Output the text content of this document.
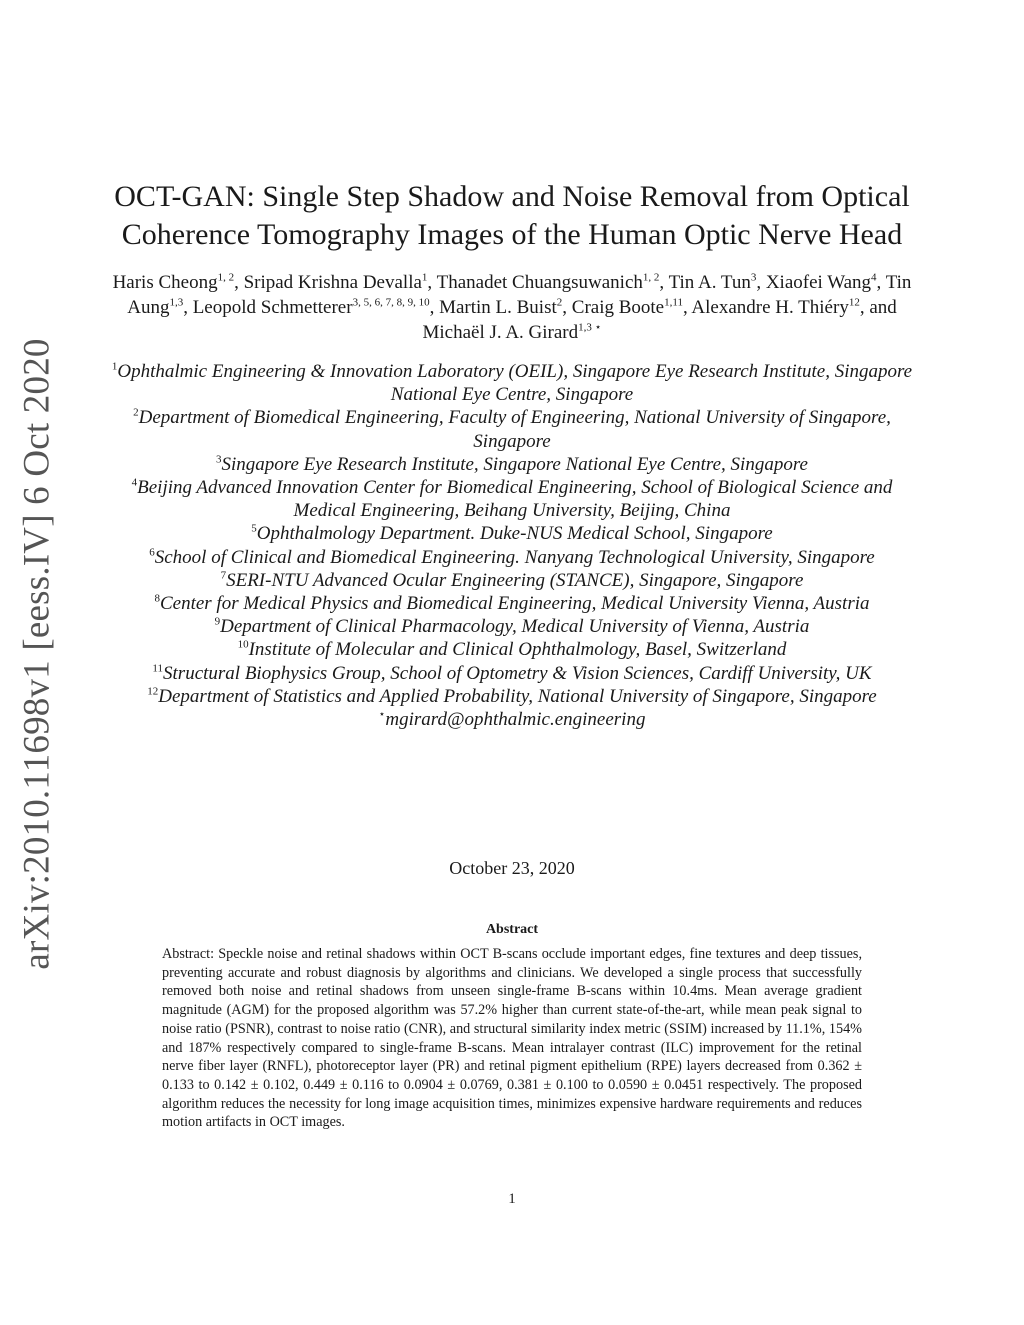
arXiv:2010.11698v1 [eess.IV] 6 Oct 2020
OCT-GAN: Single Step Shadow and Noise Removal from Optical
Coherence Tomography Images of the Human Optic Nerve Head
Haris Cheong$^{1, 2}$, Sripad Krishna Devalla$^1$, Thanadet Chuangsuwanich$^{1, 2}$, Tin A. Tun$^3$, Xiaofei Wang$^4$, Tin Aung$^{1,3}$, Leopold Schmetterer$^{3, 5, 6, 7, 8, 9, 10}$, Martin L. Buist$^2$, Craig Boote$^{1,11}$, Alexandre H. Thiéry$^{12}$, and Michaël J. A. Girard$^{1,3 ⋆}$
$^1$Ophthalmic Engineering & Innovation Laboratory (OEIL), Singapore Eye Research Institute, Singapore National Eye Centre, Singapore
$^2$Department of Biomedical Engineering, Faculty of Engineering, National University of Singapore, Singapore
$^3$Singapore Eye Research Institute, Singapore National Eye Centre, Singapore
$^4$Beijing Advanced Innovation Center for Biomedical Engineering, School of Biological Science and Medical Engineering, Beihang University, Beijing, China
$^5$Ophthalmology Department. Duke-NUS Medical School, Singapore
$^6$School of Clinical and Biomedical Engineering. Nanyang Technological University, Singapore
$^7$SERI-NTU Advanced Ocular Engineering (STANCE), Singapore, Singapore
$^8$Center for Medical Physics and Biomedical Engineering, Medical University Vienna, Austria
$^9$Department of Clinical Pharmacology, Medical University of Vienna, Austria
$^{10}$Institute of Molecular and Clinical Ophthalmology, Basel, Switzerland
$^{11}$Structural Biophysics Group, School of Optometry & Vision Sciences, Cardiff University, UK
$^{12}$Department of Statistics and Applied Probability, National University of Singapore, Singapore
⋆mgirard@ophthalmic.engineering
October 23, 2020
Abstract

Abstract: Speckle noise and retinal shadows within OCT B-scans occlude important edges, fine textures and deep tissues, preventing accurate and robust diagnosis by algorithms and clinicians. We developed a single process that successfully removed both noise and retinal shadows from unseen single-frame B-scans within 10.4ms. Mean average gradient magnitude (AGM) for the proposed algorithm was 57.2% higher than current state-of-the-art, while mean peak signal to noise ratio (PSNR), contrast to noise ratio (CNR), and structural similarity index metric (SSIM) increased by 11.1%, 154% and 187% respectively compared to single-frame B-scans. Mean intralayer contrast (ILC) improvement for the retinal nerve fiber layer (RNFL), photoreceptor layer (PR) and retinal pigment epithelium (RPE) layers decreased from 0.362 ± 0.133 to 0.142 ± 0.102, 0.449 ± 0.116 to 0.0904 ± 0.0769, 0.381 ± 0.100 to 0.0590 ± 0.0451 respectively. The proposed algorithm reduces the necessity for long image acquisition times, minimizes expensive hardware requirements and reduces motion artifacts in OCT images.

1
